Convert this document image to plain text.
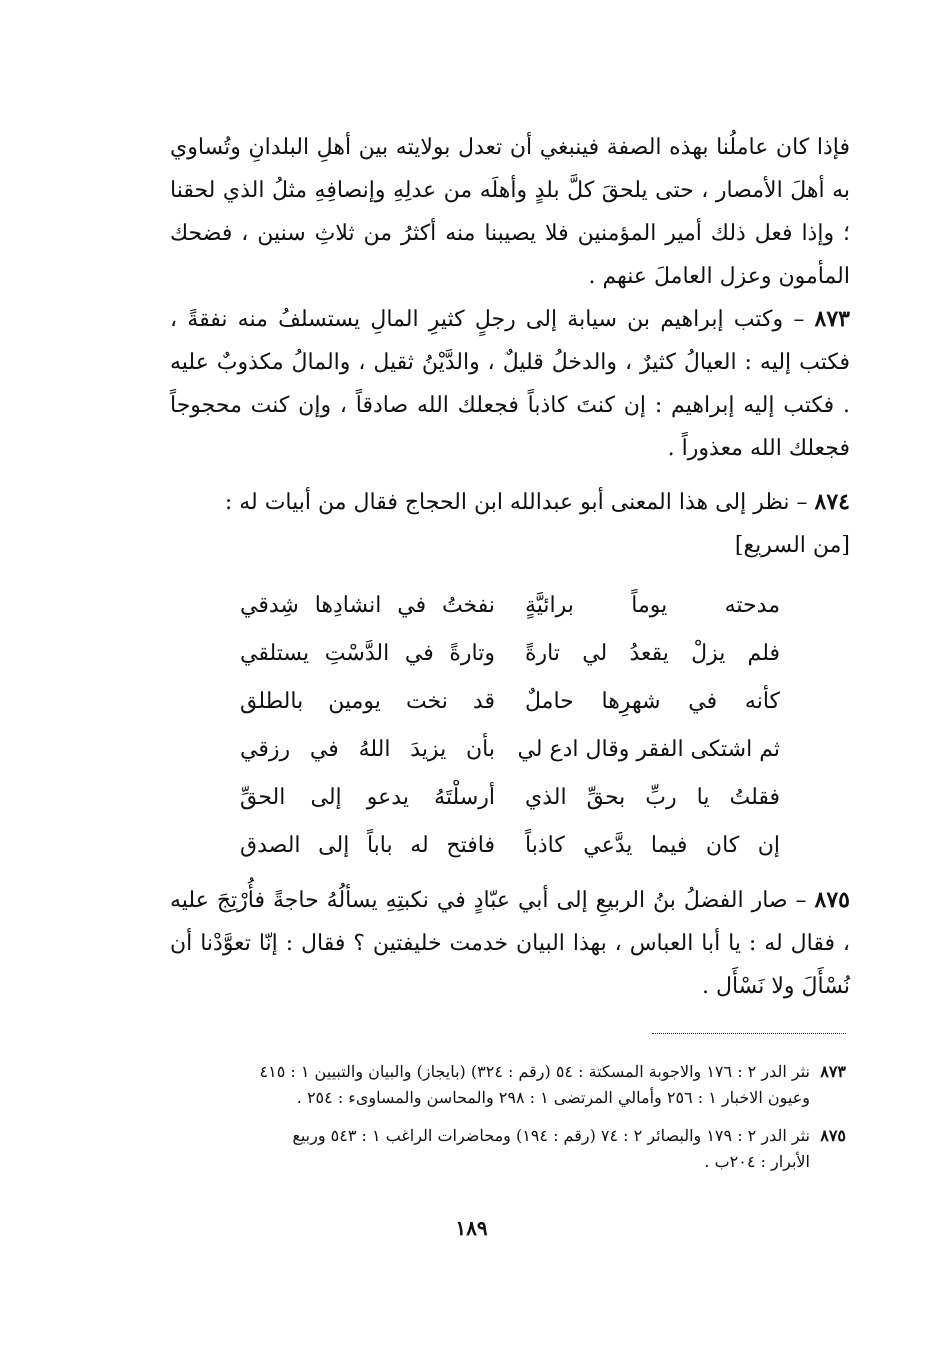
فإذا كان عاملُنا بهذه الصفة فينبغي أن تعدل بولايته بين أهلِ البلدانِ وتُساوي به أهلَ الأمصار ، حتى يلحقَ كلَّ بلدٍ وأهلَه من عدلِهِ وإنصافِهِ مثلُ الذي لحقنا ؛ وإذا فعل ذلك أمير المؤمنين فلا يصيبنا منه أكثرُ من ثلاثِ سنين ، فضحك المأمون وعزل العاملَ عنهم .

٨٧٣ – وكتب إبراهيم بن سيابة إلى رجلٍ كثيرِ المالِ يستسلفُ منه نفقةً ، فكتب إليه : العيالُ كثيرٌ ، والدخلُ قليلٌ ، والدَّيْنُ ثقيل ، والمالُ مكذوبٌ عليه . فكتب إليه إبراهيم : إن كنتَ كاذباً فجعلك الله صادقاً ، وإن كنت محجوجاً فجعلك الله معذوراً .

٨٧٤ – نظر إلى هذا المعنى أبو عبدالله ابن الحجاج فقال من أبيات له :
[من السريع]

مدحته يوماً برائيَّةٍ
نفختُ في انشادِها شِدقي
فلم يزلْ يقعدُ لي تارةً
وتارةً في الدَّسْتِ يستلقي
كأنه في شهرِها حاملٌ
قد نخت يومين بالطلق
ثم اشتكى الفقر وقال ادع لي
بأن يزيدَ اللهُ في رزقي
فقلتُ يا ربِّ بحقِّ الذي
أرسلْتَهُ يدعو إلى الحقِّ
إن كان فيما يدَّعي كاذباً
فافتح له باباً إلى الصدق

٨٧٥ – صار الفضلُ بنُ الربيعِ إلى أبي عبّادٍ في نكبتِهِ يسألُهُ حاجةً فأُرْتِجَ عليه ، فقال له : يا أبا العباس ، بهذا البيان خدمت خليفتين ؟ فقال : إنّا تعوَّدْنا أن نُسْأَلَ ولا نَسْأَل .

٨٧٣نثر الدر ٢ : ١٧٦ والاجوبة المسكتة : ٥٤ (رقم : ٣٢٤) (بايجاز) والبيان والتبيين ١ : ٤١٥
وعيون الاخبار ١ : ٢٥٦ وأمالي المرتضى ١ : ٢٩٨ والمحاسن والمساوىء : ٢٥٤ .
٨٧٥نثر الدر ٢ : ١٧٩ والبصائر ٢ : ٧٤ (رقم : ١٩٤) ومحاضرات الراغب ١ : ٥٤٣ وربيع
الأبرار : ٢٠٤ب .
١٨٩
